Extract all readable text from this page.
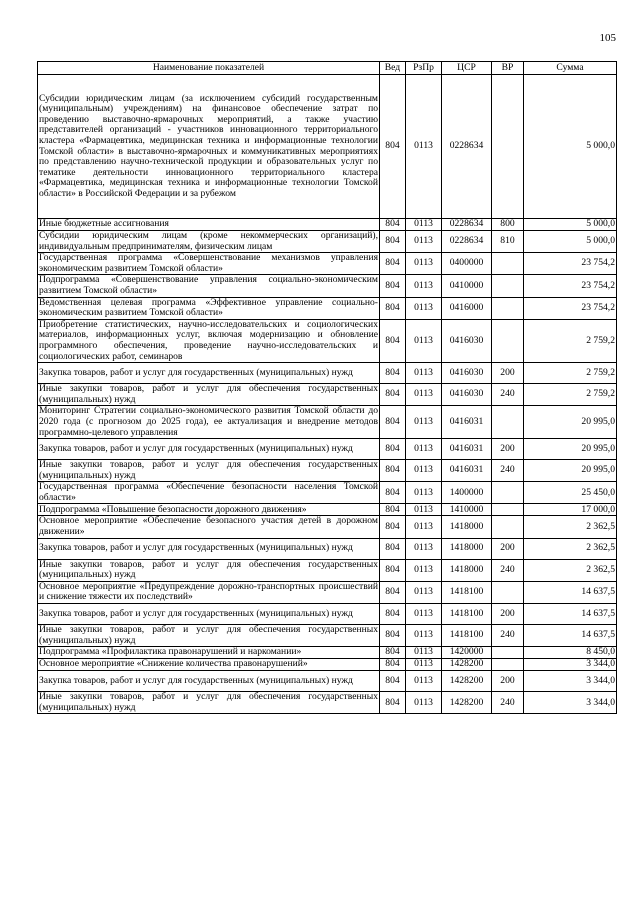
105
Наименование показателей	Вед	РзПр	ЦСР	ВР	Сумма
Субсидии юридическим лицам (за исключением субсидий государственным (муниципальным) учреждениям) на финансовое обеспечение затрат по проведению выставочно-ярмарочных мероприятий, а также участию представителей организаций - участников инновационного территориального кластера «Фармацевтика, медицинская техника и информационные технологии Томской области» в выставочно-ярмарочных и коммуникативных мероприятиях по представлению научно-технической продукции и образовательных услуг по тематике деятельности инновационного территориального кластера «Фармацевтика, медицинская техника и информационные технологии Томской области» в Российской Федерации и за рубежом	804	0113	0228634		5 000,0
Иные бюджетные ассигнования	804	0113	0228634	800	5 000,0
Субсидии юридическим лицам (кроме некоммерческих организаций), индивидуальным предпринимателям, физическим лицам	804	0113	0228634	810	5 000,0
Государственная программа «Совершенствование механизмов управления экономическим развитием Томской области»	804	0113	0400000		23 754,2
Подпрограмма «Совершенствование управления социально-экономическим развитием Томской области»	804	0113	0410000		23 754,2
Ведомственная целевая программа «Эффективное управление социально-экономическим развитием Томской области»	804	0113	0416000		23 754,2
Приобретение статистических, научно-исследовательских и социологических материалов, информационных услуг, включая модернизацию и обновление программного обеспечения, проведение научно-исследовательских и социологических работ, семинаров	804	0113	0416030		2 759,2
Закупка товаров, работ и услуг для государственных (муниципальных) нужд	804	0113	0416030	200	2 759,2
Иные закупки товаров, работ и услуг для обеспечения государственных (муниципальных) нужд	804	0113	0416030	240	2 759,2
Мониторинг Стратегии социально-экономического развития Томской области до 2020 года (с прогнозом до 2025 года), ее актуализация и внедрение методов программно-целевого управления	804	0113	0416031		20 995,0
Закупка товаров, работ и услуг для государственных (муниципальных) нужд	804	0113	0416031	200	20 995,0
Иные закупки товаров, работ и услуг для обеспечения государственных (муниципальных) нужд	804	0113	0416031	240	20 995,0
Государственная программа «Обеспечение безопасности населения Томской области»	804	0113	1400000		25 450,0
Подпрограмма «Повышение безопасности дорожного движения»	804	0113	1410000		17 000,0
Основное мероприятие «Обеспечение безопасного участия детей в дорожном движении»	804	0113	1418000		2 362,5
Закупка товаров, работ и услуг для государственных (муниципальных) нужд	804	0113	1418000	200	2 362,5
Иные закупки товаров, работ и услуг для обеспечения государственных (муниципальных) нужд	804	0113	1418000	240	2 362,5
Основное мероприятие «Предупреждение дорожно-транспортных происшествий и снижение тяжести их последствий»	804	0113	1418100		14 637,5
Закупка товаров, работ и услуг для государственных (муниципальных) нужд	804	0113	1418100	200	14 637,5
Иные закупки товаров, работ и услуг для обеспечения государственных (муниципальных) нужд	804	0113	1418100	240	14 637,5
Подпрограмма «Профилактика правонарушений и наркомании»	804	0113	1420000		8 450,0
Основное мероприятие «Снижение количества правонарушений»	804	0113	1428200		3 344,0
Закупка товаров, работ и услуг для государственных (муниципальных) нужд	804	0113	1428200	200	3 344,0
Иные закупки товаров, работ и услуг для обеспечения государственных (муниципальных) нужд	804	0113	1428200	240	3 344,0
